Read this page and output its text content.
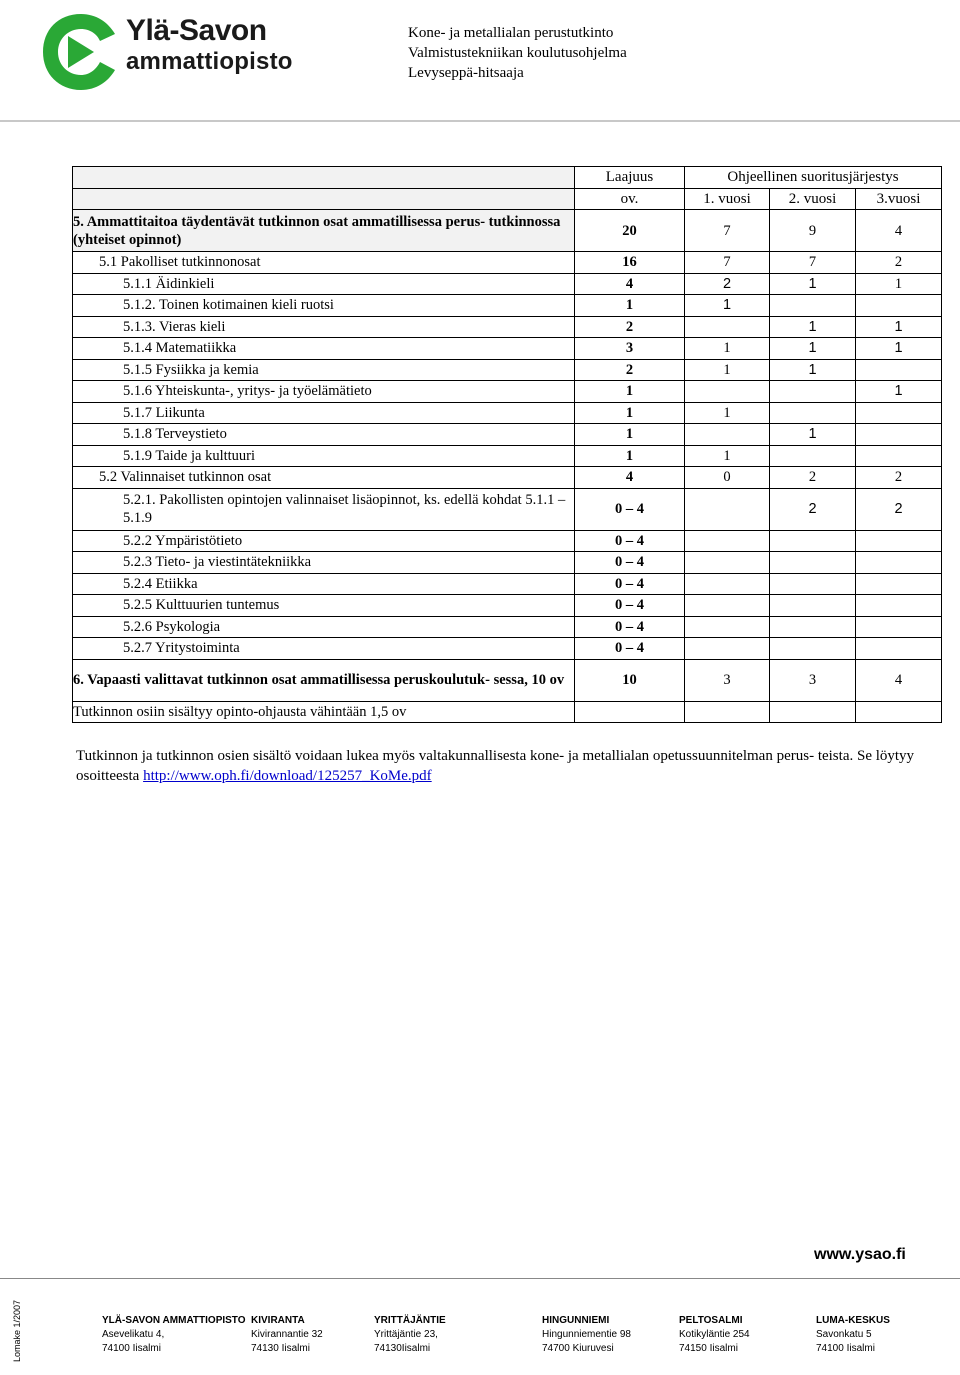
Ylä-Savon
ammattiopisto
Kone- ja metallialan perustutkinto
Valmistustekniikan koulutusohjelma
Levyseppä-hitsaaja
	Laajuus	Ohjeellinen suoritusjärjestys		
	ov.	1. vuosi	2. vuosi	3.vuosi
5. Ammattitaitoa täydentävät tutkinnon osat ammatillisessa perus- tutkinnossa (yhteiset opinnot)	20	7	9	4
5.1 Pakolliset tutkinnonosat	16	7	7	2
5.1.1 Äidinkieli	4	2	1	1
5.1.2. Toinen kotimainen kieli ruotsi	1	1		
5.1.3. Vieras kieli	2		1	1
5.1.4 Matematiikka	3	1	1	1
5.1.5 Fysiikka ja kemia	2	1	1	
5.1.6 Yhteiskunta-, yritys- ja työelämätieto	1			1
5.1.7 Liikunta	1	1		
5.1.8 Terveystieto	1		1	
5.1.9 Taide ja kulttuuri	1	1		
5.2 Valinnaiset tutkinnon osat	4	0	2	2
5.2.1. Pakollisten opintojen valinnaiset lisäopinnot, ks. edellä kohdat 5.1.1 – 5.1.9	0 – 4		2	2
5.2.2 Ympäristötieto	0 – 4			
5.2.3 Tieto- ja viestintätekniikka	0 – 4			
5.2.4 Etiikka	0 – 4			
5.2.5 Kulttuurien tuntemus	0 – 4			
5.2.6 Psykologia	0 – 4			
5.2.7 Yritystoiminta	0 – 4			
6. Vapaasti valittavat tutkinnon osat ammatillisessa peruskoulutuk- sessa, 10 ov	10	3	3	4
Tutkinnon osiin sisältyy opinto-ohjausta vähintään 1,5 ov				
Tutkinnon ja tutkinnon osien sisältö voidaan lukea myös valtakunnallisesta kone- ja metallialan opetussuunnitelman perus- teista. Se löytyy osoitteesta http://www.oph.fi/download/125257_KoMe.pdf
www.ysao.fi
Lomake 1/2007	YLÄ-SAVON AMMATTIOPISTO
Asevelikatu 4,
74100 Iisalmi
KIVIRANTA
Kivirannantie 32
74130 Iisalmi
YRITTÄJÄNTIE
Yrittäjäntie 23,
74130Iisalmi
HINGUNNIEMI
Hingunniementie 98
74700 Kiuruvesi
PELTOSALMI
Kotikyläntie 254
74150 Iisalmi
LUMA-KESKUS
Savonkatu 5
74100 Iisalmi
